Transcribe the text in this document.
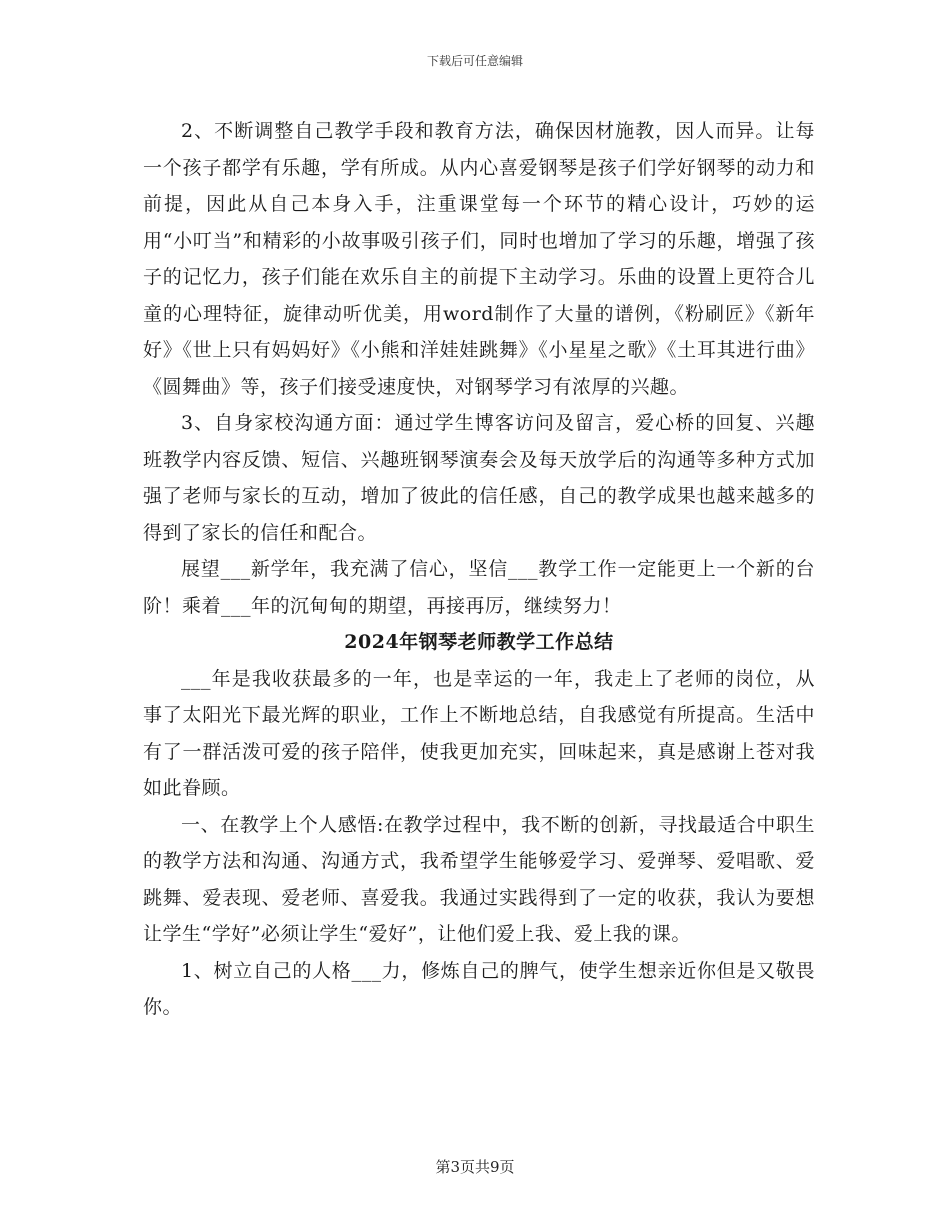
下载后可任意编辑

2、不断调整自己教学手段和教育方法，确保因材施教，因人而异。让每一个孩子都学有乐趣，学有所成。从内心喜爱钢琴是孩子们学好钢琴的动力和前提，因此从自己本身入手，注重课堂每一个环节的精心设计，巧妙的运用“小叮当”和精彩的小故事吸引孩子们，同时也增加了学习的乐趣，增强了孩子的记忆力，孩子们能在欢乐自主的前提下主动学习。乐曲的设置上更符合儿童的心理特征，旋律动听优美，用word制作了大量的谱例，《粉刷匠》《新年好》《世上只有妈妈好》《小熊和洋娃娃跳舞》《小星星之歌》《土耳其进行曲》《圆舞曲》等，孩子们接受速度快，对钢琴学习有浓厚的兴趣。

3、自身家校沟通方面：通过学生博客访问及留言，爱心桥的回复、兴趣班教学内容反馈、短信、兴趣班钢琴演奏会及每天放学后的沟通等多种方式加强了老师与家长的互动，增加了彼此的信任感，自己的教学成果也越来越多的得到了家长的信任和配合。

展望___新学年，我充满了信心，坚信___教学工作一定能更上一个新的台阶！乘着___年的沉甸甸的期望，再接再厉，继续努力！

2024年钢琴老师教学工作总结

___年是我收获最多的一年，也是幸运的一年，我走上了老师的岗位，从事了太阳光下最光辉的职业，工作上不断地总结，自我感觉有所提高。生活中有了一群活泼可爱的孩子陪伴，使我更加充实，回味起来，真是感谢上苍对我如此眷顾。

一、在教学上个人感悟:在教学过程中，我不断的创新，寻找最适合中职生的教学方法和沟通、沟通方式，我希望学生能够爱学习、爱弹琴、爱唱歌、爱跳舞、爱表现、爱老师、喜爱我。我通过实践得到了一定的收获，我认为要想让学生“学好”必须让学生“爱好”，让他们爱上我、爱上我的课。

1、树立自己的人格___力，修炼自己的脾气，使学生想亲近你但是又敬畏你。

第3页共9页
